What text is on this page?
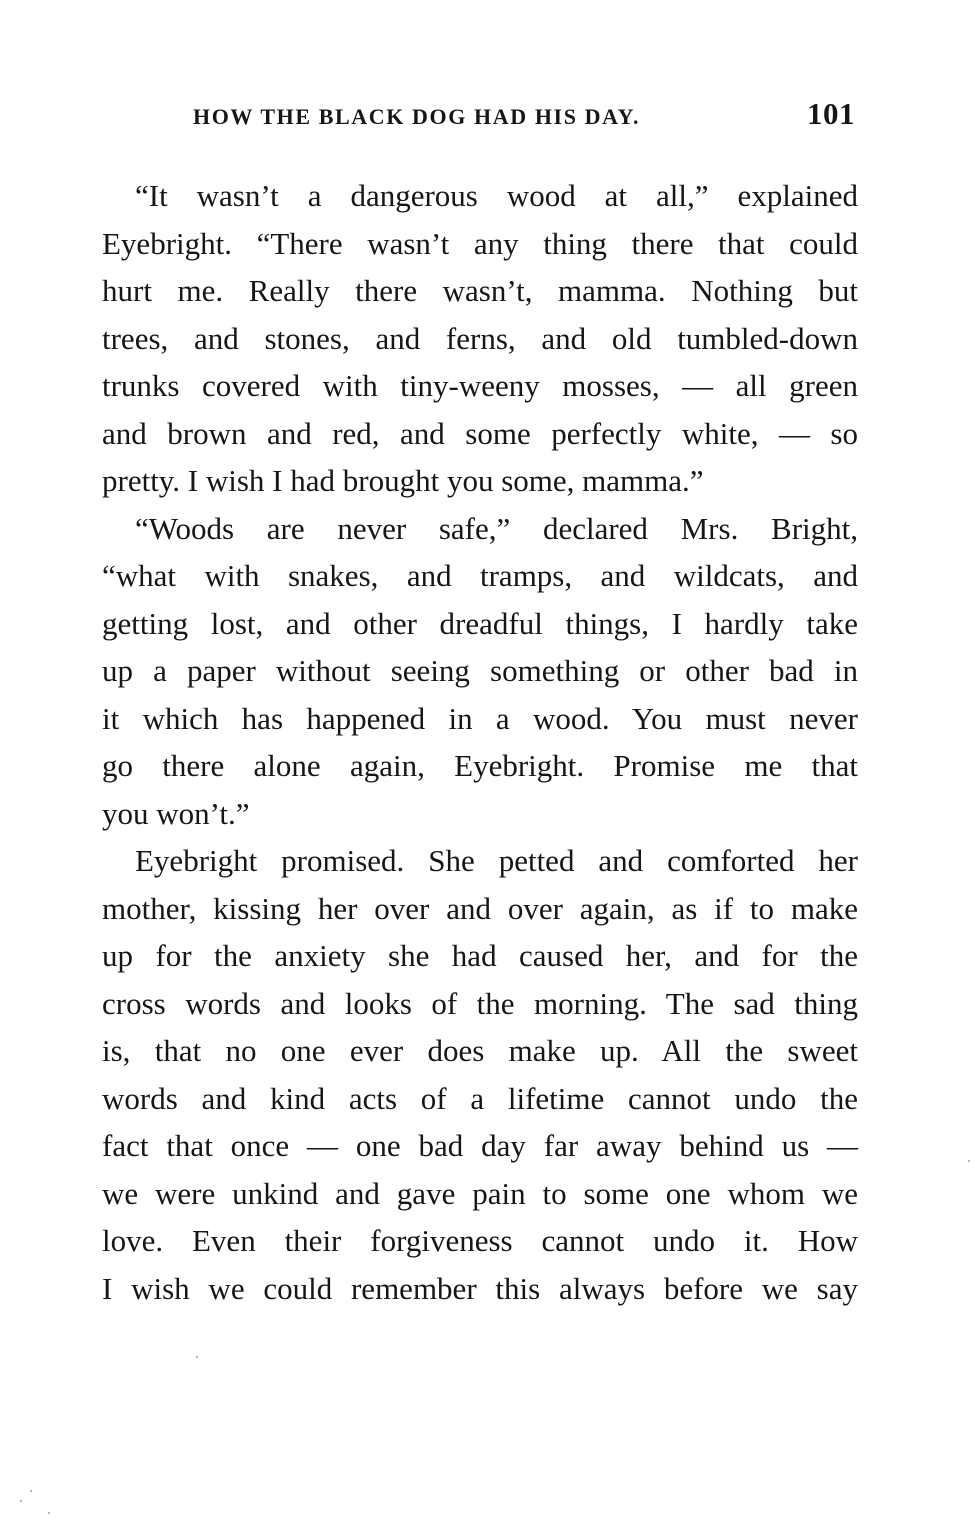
HOW THE BLACK DOG HAD HIS DAY.	101
“It wasn’t a dangerous wood at all,” explained
Eyebright. “There wasn’t any thing there that could
hurt me. Really there wasn’t, mamma. Nothing but
trees, and stones, and ferns, and old tumbled-down
trunks covered with tiny-weeny mosses, — all green
and brown and red, and some perfectly white, — so
pretty. I wish I had brought you some, mamma.”
“Woods are never safe,” declared Mrs. Bright,
“what with snakes, and tramps, and wildcats, and
getting lost, and other dreadful things, I hardly take
up a paper without seeing something or other bad in
it which has happened in a wood. You must never
go there alone again, Eyebright. Promise me that
you won’t.”
Eyebright promised. She petted and comforted her
mother, kissing her over and over again, as if to make
up for the anxiety she had caused her, and for the
cross words and looks of the morning. The sad thing
is, that no one ever does make up. All the sweet
words and kind acts of a lifetime cannot undo the
fact that once — one bad day far away behind us —
we were unkind and gave pain to some one whom we
love. Even their forgiveness cannot undo it. How
I wish we could remember this always before we say
